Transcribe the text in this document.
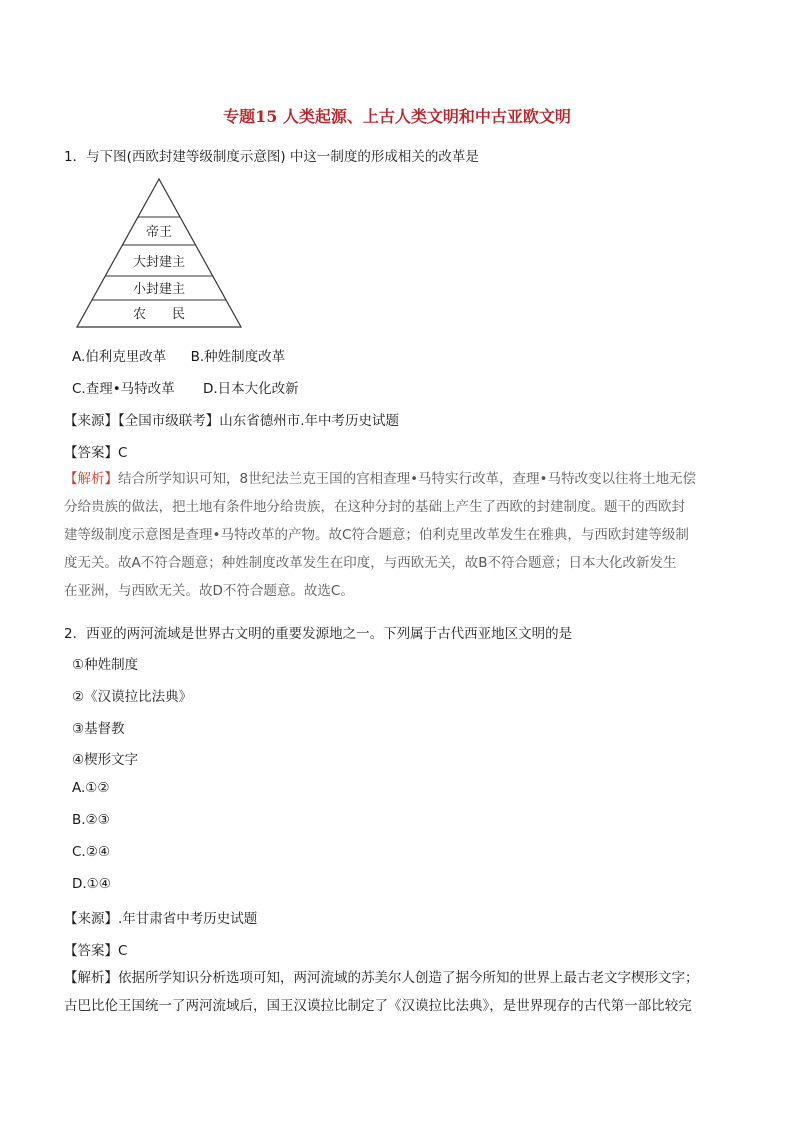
专题15 人类起源、上古人类文明和中古亚欧文明
1．与下图(西欧封建等级制度示意图) 中这一制度的形成相关的改革是
帝王
大封建主
小封建主
农　　民
A.伯利克里改革 B.种姓制度改革
C.查理•马特改革 D.日本大化改新
【来源】【全国市级联考】山东省德州市.年中考历史试题
【答案】C
【解析】结合所学知识可知，8世纪法兰克王国的宫相查理•马特实行改革，查理•马特改变以往将土地无偿
分给贵族的做法，把土地有条件地分给贵族，在这种分封的基础上产生了西欧的封建制度。题干的西欧封
建等级制度示意图是查理•马特改革的产物。故C符合题意；伯利克里改革发生在雅典，与西欧封建等级制
度无关。故A不符合题意；种姓制度改革发生在印度，与西欧无关，故B不符合题意；日本大化改新发生
在亚洲，与西欧无关。故D不符合题意。故选C。
2．西亚的两河流域是世界古文明的重要发源地之一。下列属于古代西亚地区文明的是
①种姓制度
②《汉谟拉比法典》
③基督教
④楔形文字
A.①②
B.②③
C.②④
D.①④
【来源】.年甘肃省中考历史试题
【答案】C
【解析】依据所学知识分析选项可知，两河流域的苏美尔人创造了据今所知的世界上最古老文字楔形文字；
古巴比伦王国统一了两河流域后，国王汉谟拉比制定了《汉谟拉比法典》，是世界现存的古代第一部比较完
